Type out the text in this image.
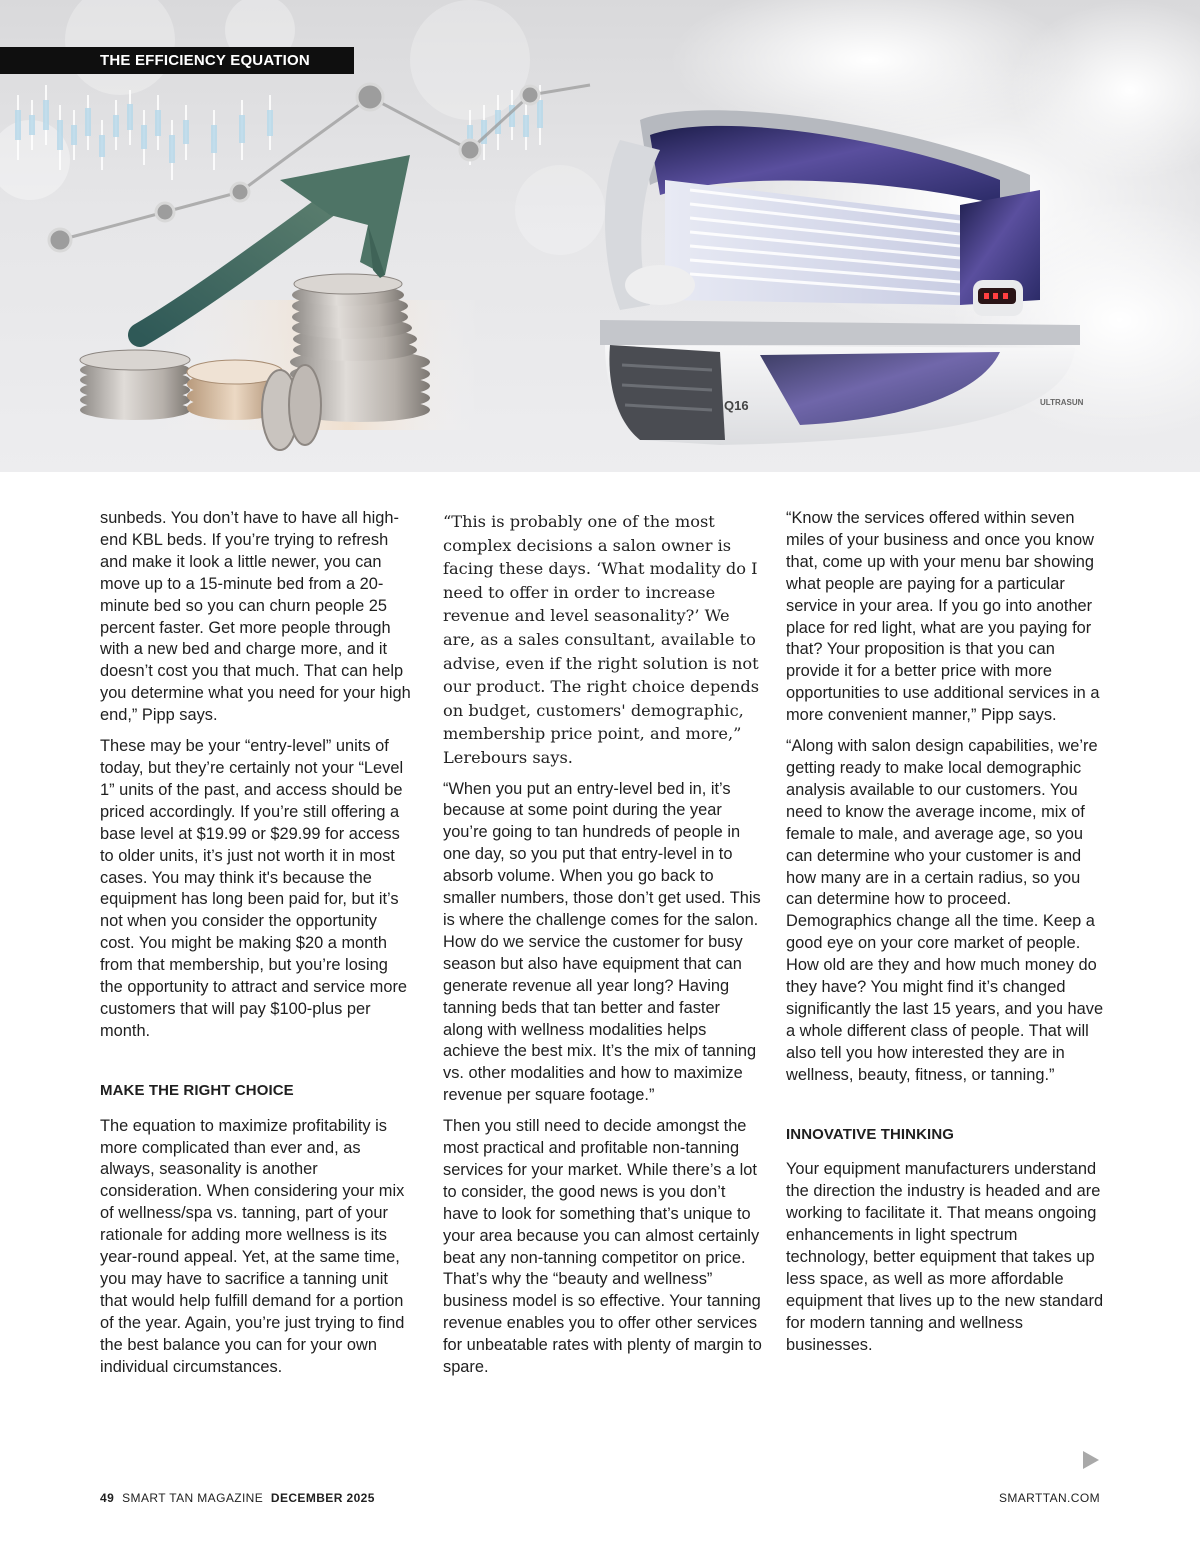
Q16	ULTRASUN
THE EFFICIENCY EQUATION

sunbeds. You don’t have to have all high-end KBL beds. If you’re trying to refresh and make it look a little newer, you can move up to a 15-minute bed from a 20-minute bed so you can churn people 25 percent faster. Get more people through with a new bed and charge more, and it doesn’t cost you that much. That can help you determine what you need for your high end,” Pipp says.

These may be your “entry-level” units of today, but they’re certainly not your “Level 1” units of the past, and access should be priced accordingly. If you’re still offering a base level at $19.99 or $29.99 for access to older units, it’s just not worth it in most cases. You may think it's because the equipment has long been paid for, but it’s not when you consider the opportunity cost. You might be making $20 a month from that membership, but you’re losing the opportunity to attract and service more customers that will pay $100-plus per month.

MAKE THE RIGHT CHOICE

The equation to maximize profitability is more complicated than ever and, as always, seasonality is another consideration. When considering your mix of wellness/spa vs. tanning, part of your rationale for adding more wellness is its year-round appeal. Yet, at the same time, you may have to sacrifice a tanning unit that would help fulfill demand for a portion of the year. Again, you’re just trying to find the best balance you can for your own individual circumstances.

“This is probably one of the most complex decisions a salon owner is facing these days. ‘What modality do I need to offer in order to increase revenue and level seasonality?’ We are, as a sales consultant, available to advise, even if the right solution is not our product. The right choice depends on budget, customers' demographic, membership price point, and more,” Lerebours says.

“When you put an entry-level bed in, it’s because at some point during the year you’re going to tan hundreds of people in one day, so you put that entry-level in to absorb volume. When you go back to smaller numbers, those don’t get used. This is where the challenge comes for the salon. How do we service the customer for busy season but also have equipment that can generate revenue all year long? Having tanning beds that tan better and faster along with wellness modalities helps achieve the best mix. It’s the mix of tanning vs. other modalities and how to maximize revenue per square footage.”

Then you still need to decide amongst the most practical and profitable non-tanning services for your market. While there’s a lot to consider, the good news is you don’t have to look for something that’s unique to your area because you can almost certainly beat any non-tanning competitor on price. That’s why the “beauty and wellness” business model is so effective. Your tanning revenue enables you to offer other services for unbeatable rates with plenty of margin to spare.

“Know the services offered within seven miles of your business and once you know that, come up with your menu bar showing what people are paying for a particular service in your area. If you go into another place for red light, what are you paying for that? Your proposition is that you can provide it for a better price with more opportunities to use additional services in a more convenient manner,” Pipp says.

“Along with salon design capabilities, we’re getting ready to make local demographic analysis available to our customers. You need to know the average income, mix of female to male, and average age, so you can determine who your customer is and how many are in a certain radius, so you can determine how to proceed. Demographics change all the time. Keep a good eye on your core market of people. How old are they and how much money do they have? You might find it’s changed significantly the last 15 years, and you have a whole different class of people. That will also tell you how interested they are in wellness, beauty, fitness, or tanning.”

INNOVATIVE THINKING

Your equipment manufacturers understand the direction the industry is headed and are working to facilitate it. That means ongoing enhancements in light spectrum technology, better equipment that takes up less space, as well as more affordable equipment that lives up to the new standard for modern tanning and wellness businesses.

49 SMART TAN MAGAZINE DECEMBER 2025	SMARTTAN.COM
